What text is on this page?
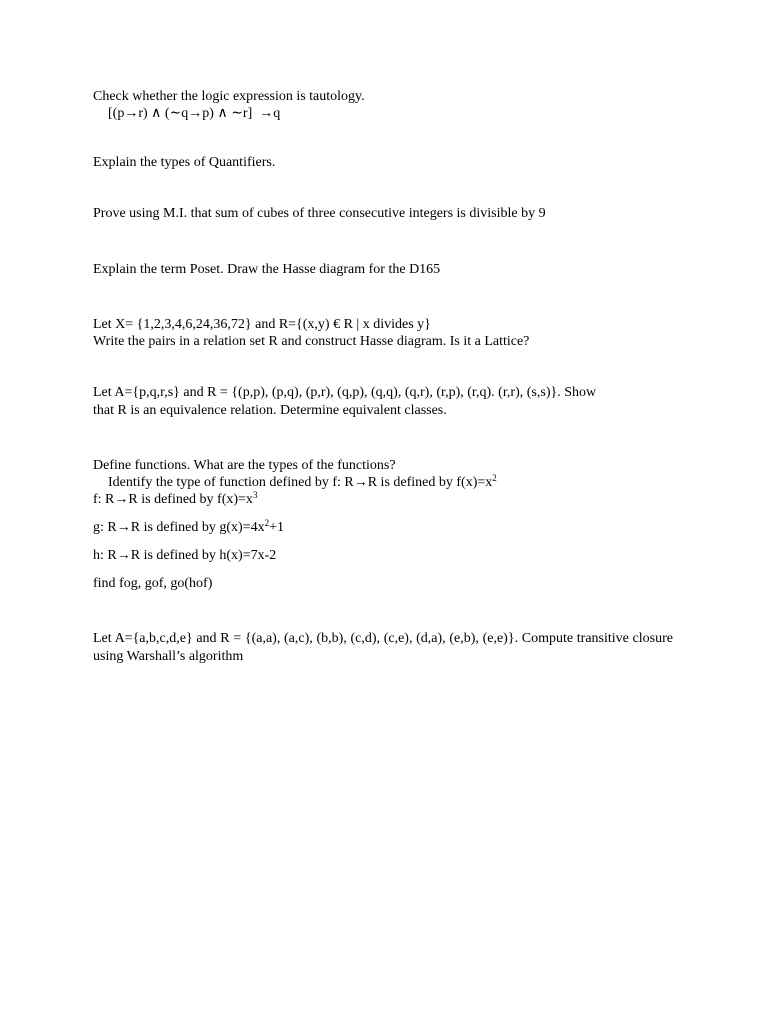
Check whether the logic expression is tautology.
[(p→r) ∧ (∼q→p) ∧ ∼r]  →q
Explain the types of Quantifiers.
Prove using M.I. that sum of cubes of three consecutive integers is divisible by 9
Explain the term Poset. Draw the Hasse diagram for the D165
Let X= {1,2,3,4,6,24,36,72} and R={(x,y) € R | x divides y}
Write the pairs in a relation set R and construct Hasse diagram. Is it a Lattice?
Let A={p,q,r,s} and R = {(p,p), (p,q), (p,r), (q,p), (q,q), (q,r), (r,p), (r,q). (r,r), (s,s)}. Show
that R is an equivalence relation. Determine equivalent classes.
Define functions. What are the types of the functions?
Identify the type of function defined by f: R→R is defined by $f(x)=x^2$
f: R→R is defined by $f(x)=x^3$
g: R→R is defined by $g(x)=4x^2+1$
h: R→R is defined by h(x)=7x-2
find fog, gof, go(hof)
Let A={a,b,c,d,e} and R = {(a,a), (a,c), (b,b), (c,d), (c,e), (d,a), (e,b), (e,e)}. Compute transitive closure using Warshall’s algorithm
